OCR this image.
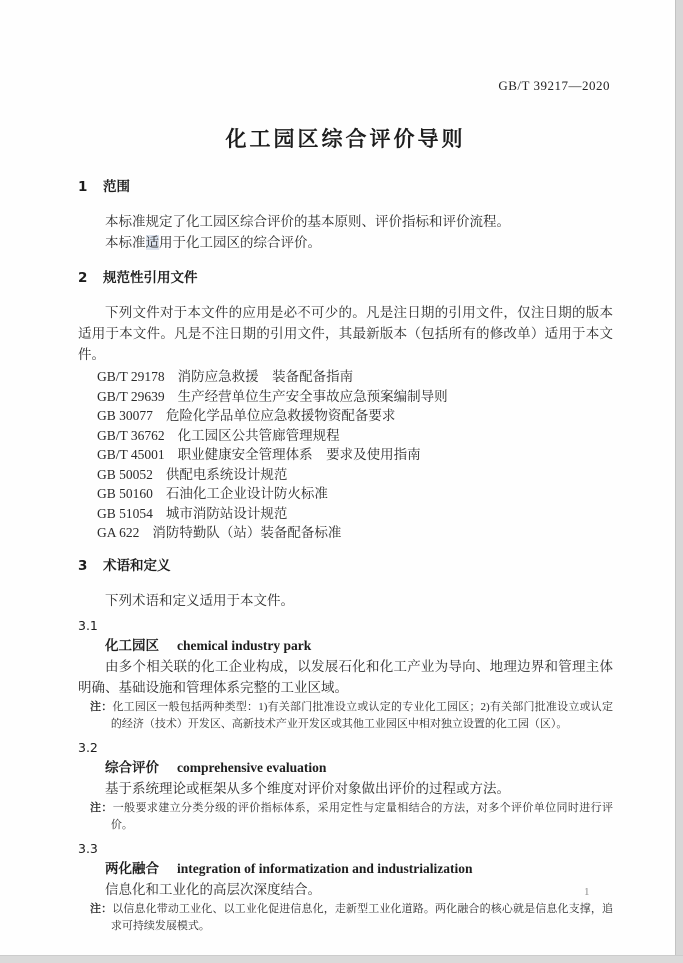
GB/T 39217—2020
化工园区综合评价导则
1 范围

本标准规定了化工园区综合评价的基本原则、评价指标和评价流程。

本标准适用于化工园区的综合评价。

2 规范性引用文件

下列文件对于本文件的应用是必不可少的。凡是注日期的引用文件，仅注日期的版本适用于本文件。凡是不注日期的引用文件，其最新版本（包括所有的修改单）适用于本文件。

GB/T 29178 消防应急救援　装备配备指南
GB/T 29639 生产经营单位生产安全事故应急预案编制导则
GB 30077 危险化学品单位应急救援物资配备要求
GB/T 36762 化工园区公共管廊管理规程
GB/T 45001 职业健康安全管理体系　要求及使用指南
GB 50052 供配电系统设计规范
GB 50160 石油化工企业设计防火标准
GB 51054 城市消防站设计规范
GA 622 消防特勤队（站）装备配备标准
3 术语和定义

下列术语和定义适用于本文件。

3.1
化工园区 chemical industry park

由多个相关联的化工企业构成，以发展石化和化工产业为导向、地理边界和管理主体明确、基础设施和管理体系完整的工业区域。

注：化工园区一般包括两种类型：1)有关部门批准设立或认定的专业化工园区；2)有关部门批准设立或认定的经济（技术）开发区、高新技术产业开发区或其他工业园区中相对独立设置的化工园（区）。

3.2
综合评价 comprehensive evaluation

基于系统理论或框架从多个维度对评价对象做出评价的过程或方法。

注：一般要求建立分类分级的评价指标体系，采用定性与定量相结合的方法，对多个评价单位同时进行评价。

3.3
两化融合 integration of informatization and industrialization

信息化和工业化的高层次深度结合。

注：以信息化带动工业化、以工业化促进信息化，走新型工业化道路。两化融合的核心就是信息化支撑，追求可持续发展模式。

1
